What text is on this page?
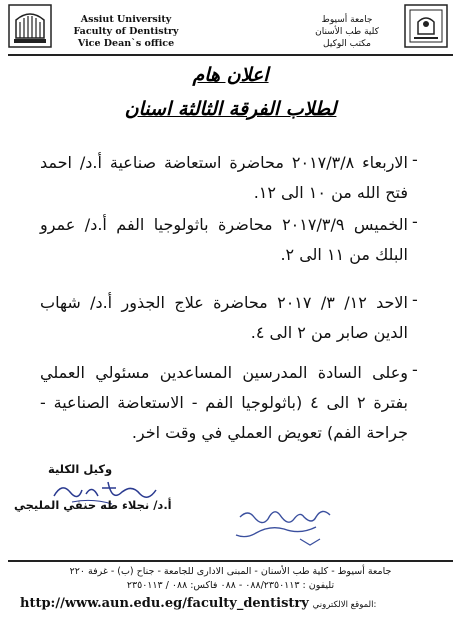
Assiut University
Faculty of Dentistry
Vice Dean`s office
جامعة أسيوط
كلية طب الأسنان
مكتب الوكيل
اعلان هام
لطلاب الفرقة الثالثة اسنان
-
الاربعاء ٢٠١٧/٣/٨ محاضرة استعاضة صناعية أ.د/ احمد فتح الله من ١٠ الى ١٢.
-
الخميس ٢٠١٧/٣/٩ محاضرة باثولوجيا الفم أ.د/ عمرو البلك من ١١ الى ٢.
-
الاحد ١٢/ ٣/ ٢٠١٧ محاضرة علاج الجذور أ.د/ شهاب الدين صابر من ٢ الى ٤.
-
وعلى السادة المدرسين المساعدين مسئولي العملي بفترة ٢ الى ٤ (باثولوجيا الفم - الاستعاضة الصناعية - جراحة الفم) تعويض العملي في وقت اخر.
وكيل الكلية
أ.د/ نجلاء طه حنفي المليجي
جامعة أسيوط - كلية طب الأسنان - المبنى الادارى للجامعة - جناح (ب) - غرفة ٢٢٠
تليفون : ٠٨٨/٢٣٥٠١١٣ - ٠٨٨ فاكس: ٠٨٨ / ٢٣٥٠١١٣
http://www.aun.edu.eg/faculty_dentistry الموقع الالكتروني:
